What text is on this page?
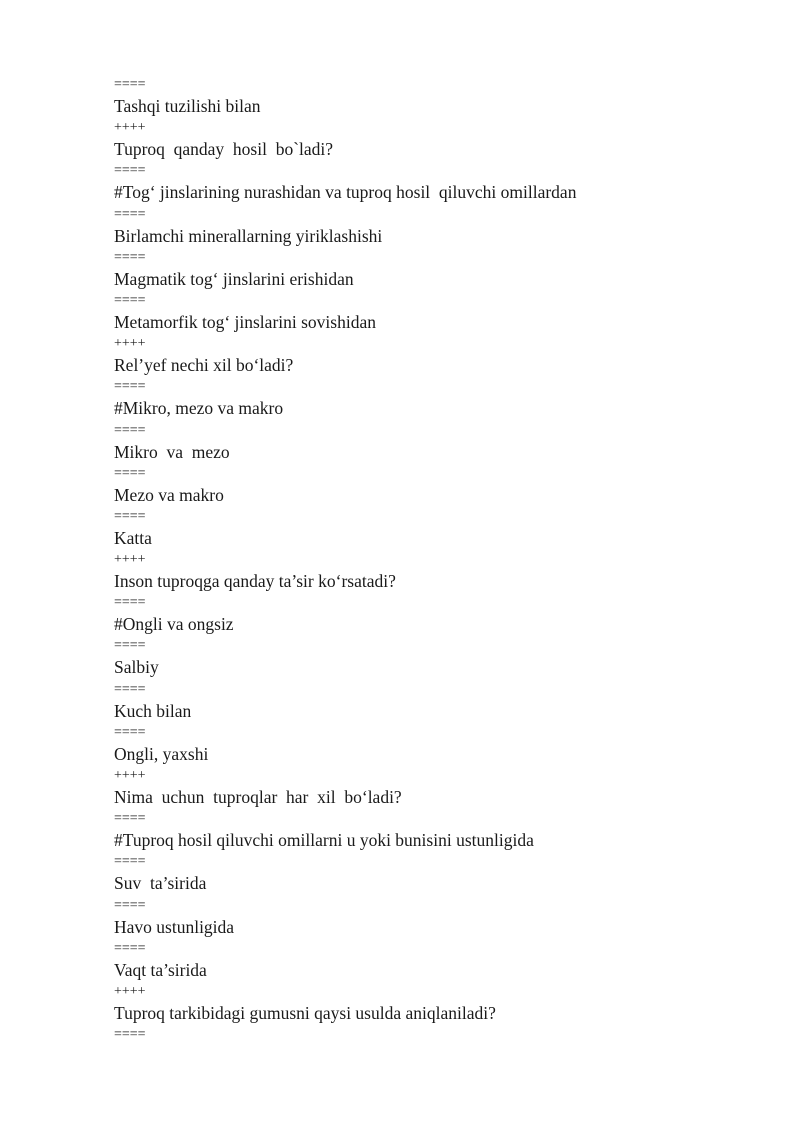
====
Tashqi tuzilishi bilan
++++
Tuproq  qanday  hosil  bo`ladi?
====
#Tog‘ jinslarining nurashidan va tuproq hosil  qiluvchi omillardan
====
Birlamchi minerallarning yiriklashishi
====
Magmatik tog‘ jinslarini erishidan
====
Metamorfik tog‘ jinslarini sovishidan
++++
Rel’yef nechi xil bo‘ladi?
====
#Mikro, mezo va makro
====
Mikro  va  mezo
====
Mezo va makro
====
Katta
++++
Inson tuproqga qanday ta’sir ko‘rsatadi?
====
#Ongli va ongsiz
====
Salbiy
====
Kuch bilan
====
Ongli, yaxshi
++++
Nima  uchun  tuproqlar  har  xil  bo‘ladi?
====
#Tuproq hosil qiluvchi omillarni u yoki bunisini ustunligida
====
Suv  ta’sirida
====
Havo ustunligida
====
Vaqt ta’sirida
++++
Tuproq tarkibidagi gumusni qaysi usulda aniqlaniladi?
====
